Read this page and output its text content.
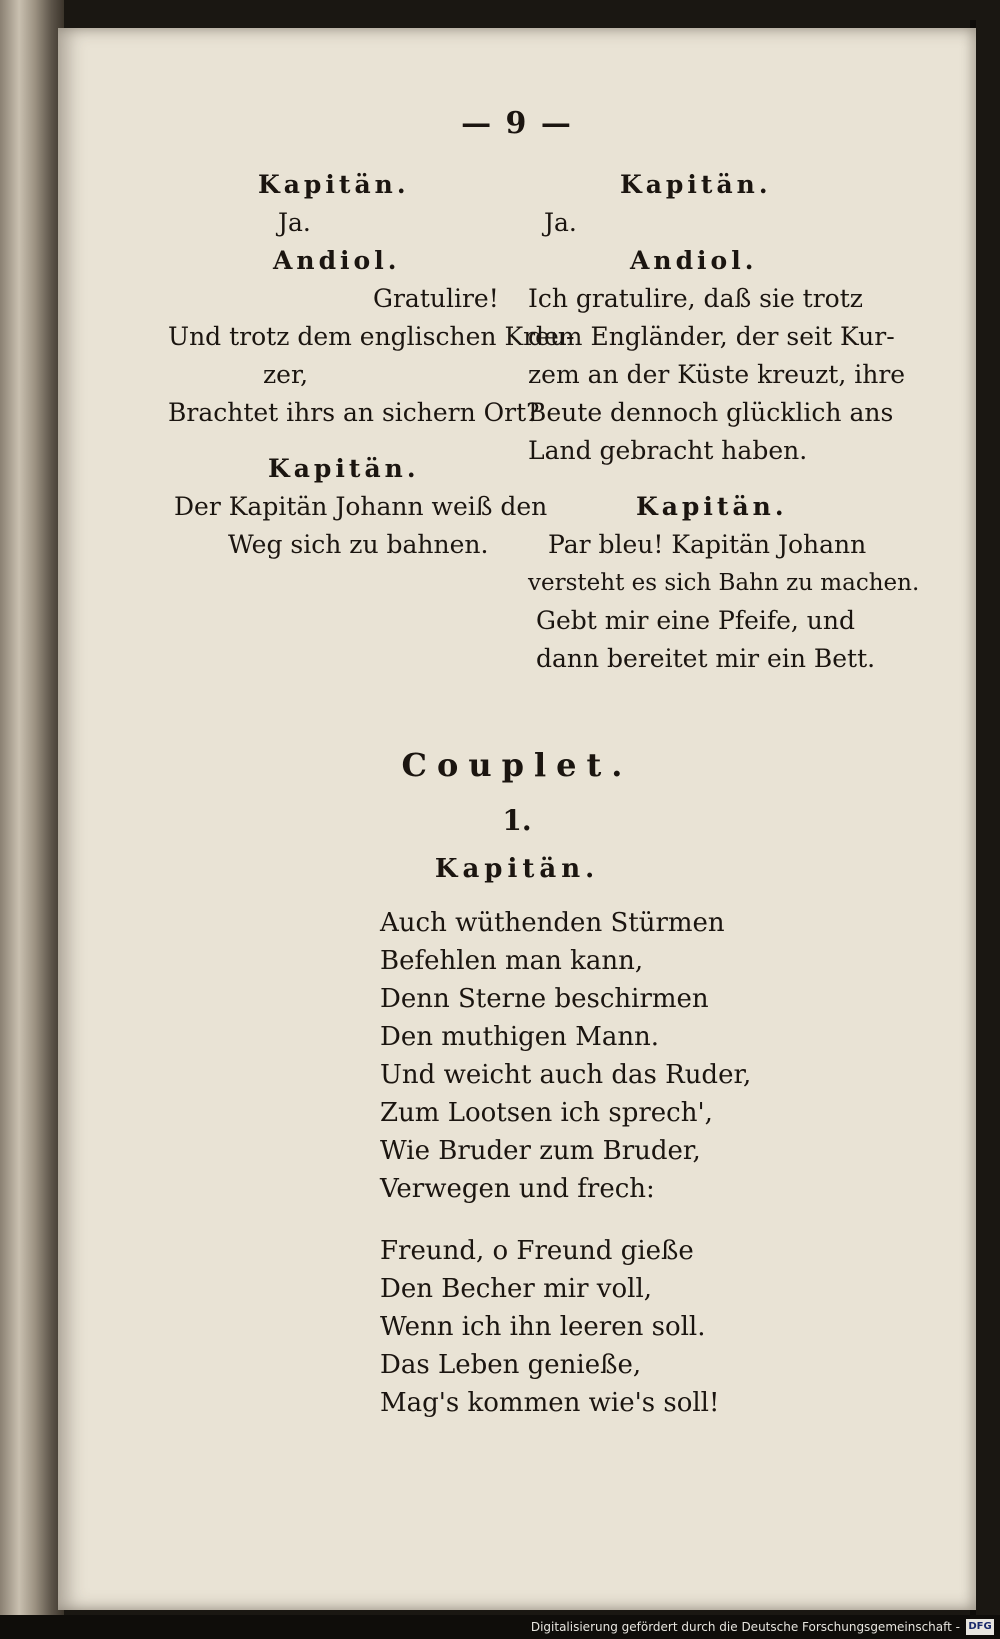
— 9 —
Kapitän.
Ja.
Andiol.
Gratulire!
Und trotz dem englischen Kreu-
zer,
Brachtet ihrs an sichern Ort?
Kapitän.
Der Kapitän Johann weiß den
Weg sich zu bahnen.
Kapitän.
Ja.
Andiol.
Ich gratulire, daß sie trotz
dem Engländer, der seit Kur-
zem an der Küste kreuzt, ihre
Beute dennoch glücklich ans
Land gebracht haben.
Kapitän.
Par bleu! Kapitän Johann
versteht es sich Bahn zu machen.
Gebt mir eine Pfeife, und
dann bereitet mir ein Bett.
Couplet.
1.
Kapitän.
Auch wüthenden Stürmen
Befehlen man kann,
Denn Sterne beschirmen
Den muthigen Mann.
Und weicht auch das Ruder,
Zum Lootsen ich sprech',
Wie Bruder zum Bruder,
Verwegen und frech:
Freund, o Freund gieße
Den Becher mir voll,
Wenn ich ihn leeren soll.
Das Leben genieße,
Mag's kommen wie's soll!
Digitalisierung gefördert durch die Deutsche Forschungsgemeinschaft - DFG
